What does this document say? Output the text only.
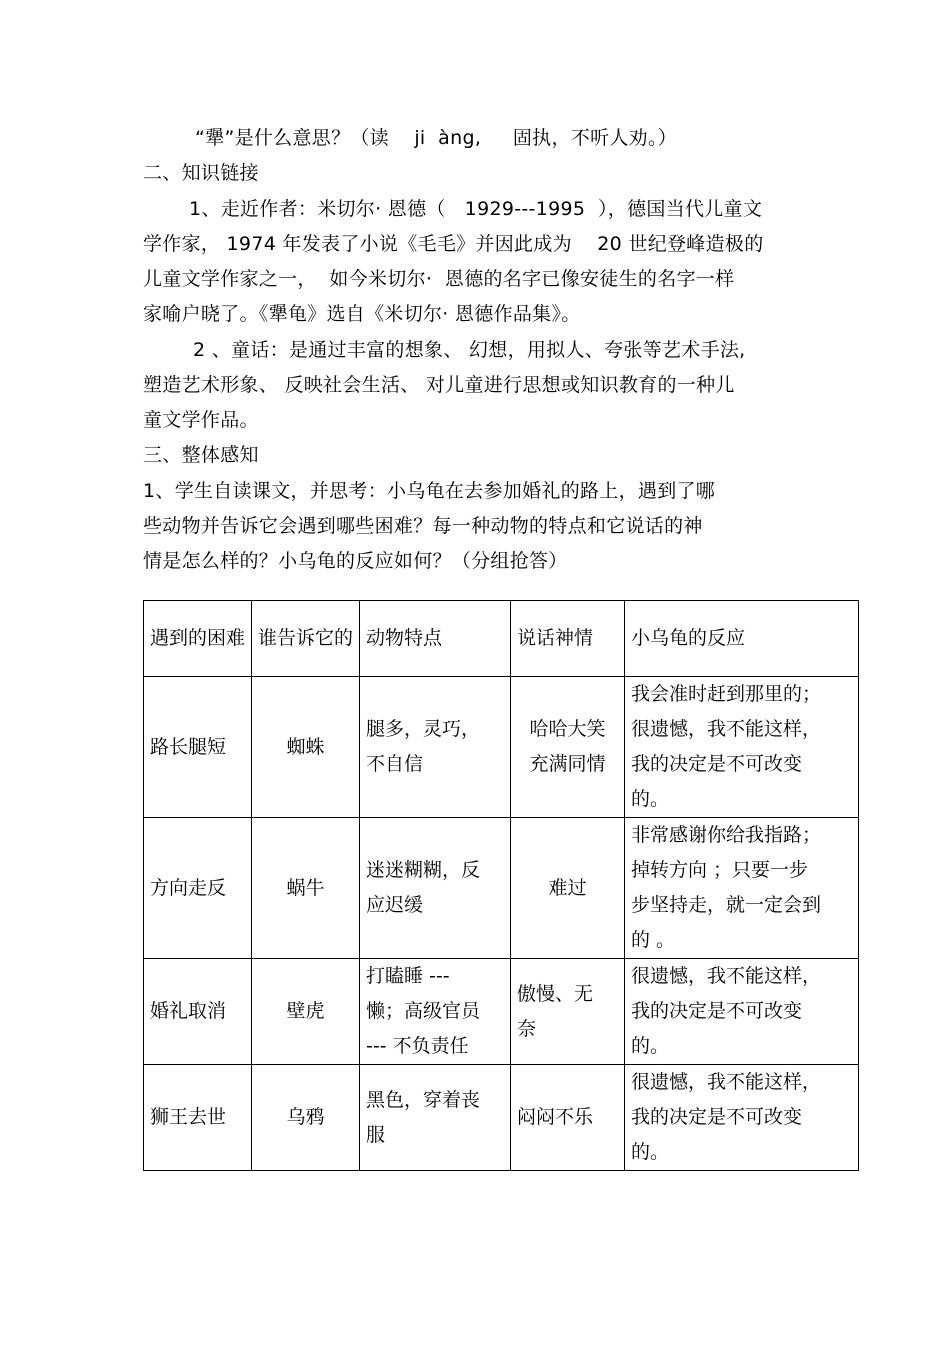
“犟”是什么意思？（读    ji  àng,     固执，不听人劝。）
二、知识链接
1、走近作者：米切尔· 恩德（   1929---1995  ），德国当代儿童文
学作家， 1974 年发表了小说《毛毛》并因此成为    20 世纪登峰造极的
儿童文学作家之一，  如今米切尔·  恩德的名字已像安徒生的名字一样
家喻户晓了。《犟龟》选自《米切尔· 恩德作品集》。
2 、童话：是通过丰富的想象、 幻想，用拟人、夸张等艺术手法,
塑造艺术形象、 反映社会生活、 对儿童进行思想或知识教育的一种儿
童文学作品。
三、整体感知
1、学生自读课文，并思考：小乌龟在去参加婚礼的路上，遇到了哪
些动物并告诉它会遇到哪些困难？每一种动物的特点和它说话的神
情是怎么样的？小乌龟的反应如何？（分组抢答）
遇到的困难	谁告诉它的	动物特点	说话神情	小乌龟的反应
路长腿短	蜘蛛	腿多，灵巧，
不自信	哈哈大笑
充满同情	我会准时赶到那里的；
很遗憾，我不能这样，
我的决定是不可改变
的。
方向走反	蜗牛	迷迷糊糊，反
应迟缓	难过	非常感谢你给我指路；
掉转方向 ；只要一步
步坚持走，就一定会到
的 。
婚礼取消	壁虎	打瞌睡 ---
懒；高级官员
--- 不负责任	傲慢、无
奈	很遗憾，我不能这样，
我的决定是不可改变
的。
狮王去世	乌鸦	黑色，穿着丧
服	闷闷不乐	很遗憾，我不能这样，
我的决定是不可改变
的。
